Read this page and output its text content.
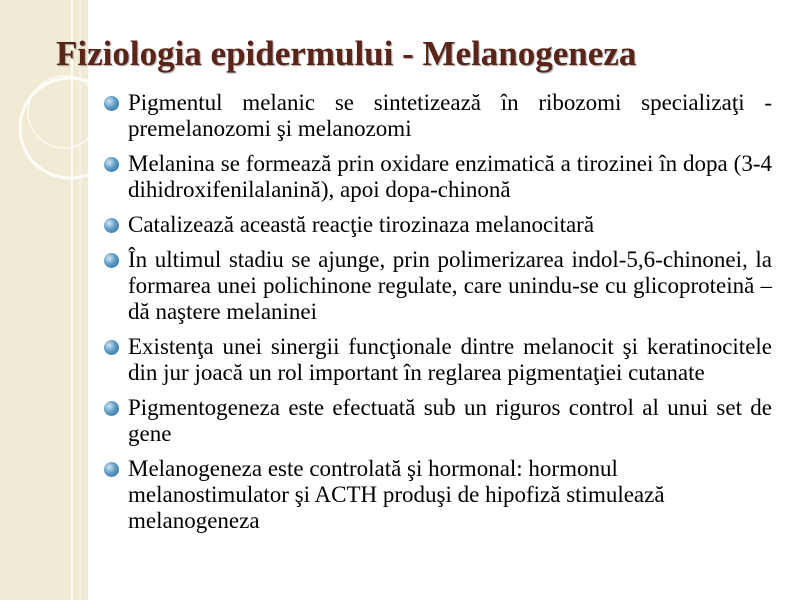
Fiziologia epidermului - Melanogeneza
Pigmentul melanic se sintetizează în ribozomi specializaţi - premelanozomi şi melanozomi
Melanina se formează prin oxidare enzimatică a tirozinei în dopa (3-4 dihidroxifenilalanină), apoi dopa-chinonă
Catalizează această reacţie tirozinaza melanocitară
În ultimul stadiu se ajunge, prin polimerizarea indol-5,6-chinonei, la formarea unei polichinone regulate, care unindu-se cu glicoproteină – dă naştere melaninei
Existenţa unei sinergii funcţionale dintre melanocit şi keratinocitele din jur joacă un rol important în reglarea pigmentaţiei cutanate
Pigmentogeneza este efectuată sub un riguros control al unui set de gene
Melanogeneza este controlată şi hormonal: hormonul melanostimulator şi ACTH produşi de hipofiză stimulează melanogeneza
